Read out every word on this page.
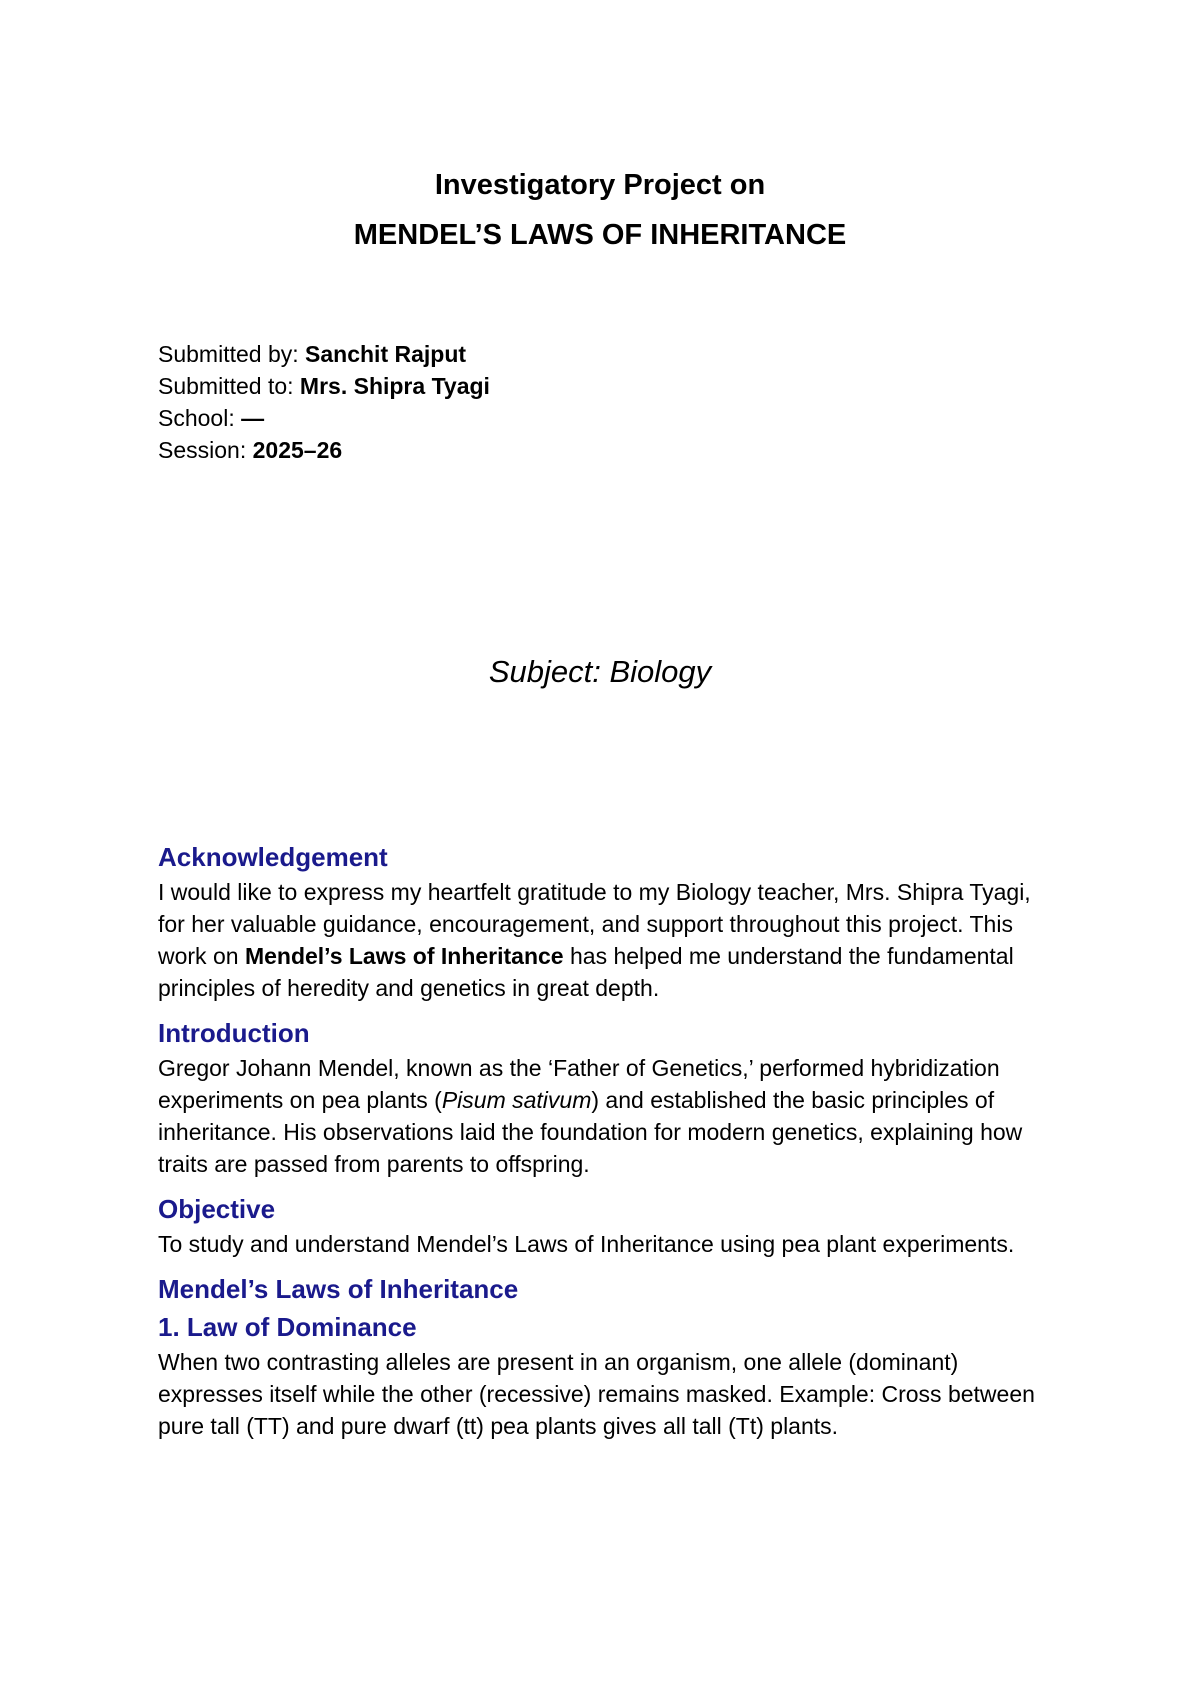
Investigatory Project on

MENDEL’S LAWS OF INHERITANCE

Submitted by: Sanchit Rajput

Submitted to: Mrs. Shipra Tyagi

School: —

Session: 2025–26

Subject: Biology
Acknowledgement

I would like to express my heartfelt gratitude to my Biology teacher, Mrs. Shipra Tyagi, for her valuable guidance, encouragement, and support throughout this project. This work on Mendel’s Laws of Inheritance has helped me understand the fundamental principles of heredity and genetics in great depth.

Introduction

Gregor Johann Mendel, known as the ‘Father of Genetics,’ performed hybridization experiments on pea plants (Pisum sativum) and established the basic principles of inheritance. His observations laid the foundation for modern genetics, explaining how traits are passed from parents to offspring.

Objective

To study and understand Mendel’s Laws of Inheritance using pea plant experiments.

Mendel’s Laws of Inheritance
1. Law of Dominance

When two contrasting alleles are present in an organism, one allele (dominant) expresses itself while the other (recessive) remains masked. Example: Cross between pure tall (TT) and pure dwarf (tt) pea plants gives all tall (Tt) plants.
